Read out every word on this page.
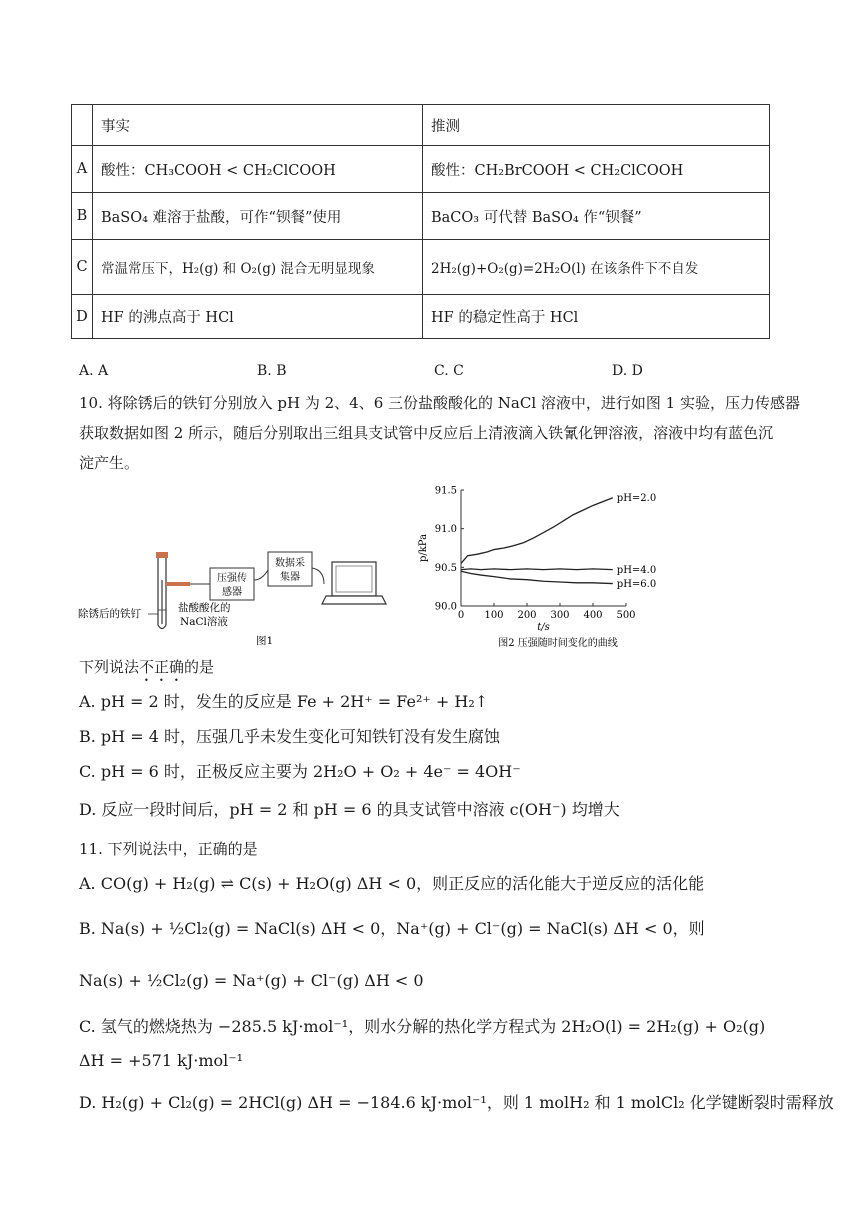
	事实	推测
A	酸性：CH₃COOH < CH₂ClCOOH	酸性：CH₂BrCOOH < CH₂ClCOOH
B	BaSO₄ 难溶于盐酸，可作“钡餐”使用	BaCO₃ 可代替 BaSO₄ 作“钡餐”
C	常温常压下，H₂(g) 和 O₂(g) 混合无明显现象	2H₂(g)+O₂(g)=2H₂O(l) 在该条件下不自发
D	HF 的沸点高于 HCl	HF 的稳定性高于 HCl
A. A	B. B	C. C	D. D
10. 将除锈后的铁钉分别放入 pH 为 2、4、6 三份盐酸酸化的 NaCl 溶液中，进行如图 1 实验，压力传感器
获取数据如图 2 所示，随后分别取出三组具支试管中反应后上清液滴入铁氰化钾溶液，溶液中均有蓝色沉
淀产生。
压强传
感器
数据采
集器
除锈后的铁钉	盐酸酸化的
NaCl溶液
图1
0 100 200 300 400 500
90.0
90.5
91.0
91.5
t/s
p/kPa
pH=2.0
pH=4.0
pH=6.0
图2 压强随时间变化的曲线
下列说法不正确的是
A. pH = 2 时，发生的反应是 Fe + 2H⁺ = Fe²⁺ + H₂↑
B. pH = 4 时，压强几乎未发生变化可知铁钉没有发生腐蚀
C. pH = 6 时，正极反应主要为 2H₂O + O₂ + 4e⁻ = 4OH⁻
D. 反应一段时间后，pH = 2 和 pH = 6 的具支试管中溶液 c(OH⁻) 均增大
11. 下列说法中，正确的是
A. CO(g) + H₂(g) ⇌ C(s) + H₂O(g) ΔH < 0，则正反应的活化能大于逆反应的活化能
B. Na(s) + ½Cl₂(g) = NaCl(s) ΔH < 0，Na⁺(g) + Cl⁻(g) = NaCl(s) ΔH < 0，则
Na(s) + ½Cl₂(g) = Na⁺(g) + Cl⁻(g) ΔH < 0
C. 氢气的燃烧热为 −285.5 kJ·mol⁻¹，则水分解的热化学方程式为 2H₂O(l) = 2H₂(g) + O₂(g)
ΔH = +571 kJ·mol⁻¹
D. H₂(g) + Cl₂(g) = 2HCl(g) ΔH = −184.6 kJ·mol⁻¹，则 1 molH₂ 和 1 molCl₂ 化学键断裂时需释放
